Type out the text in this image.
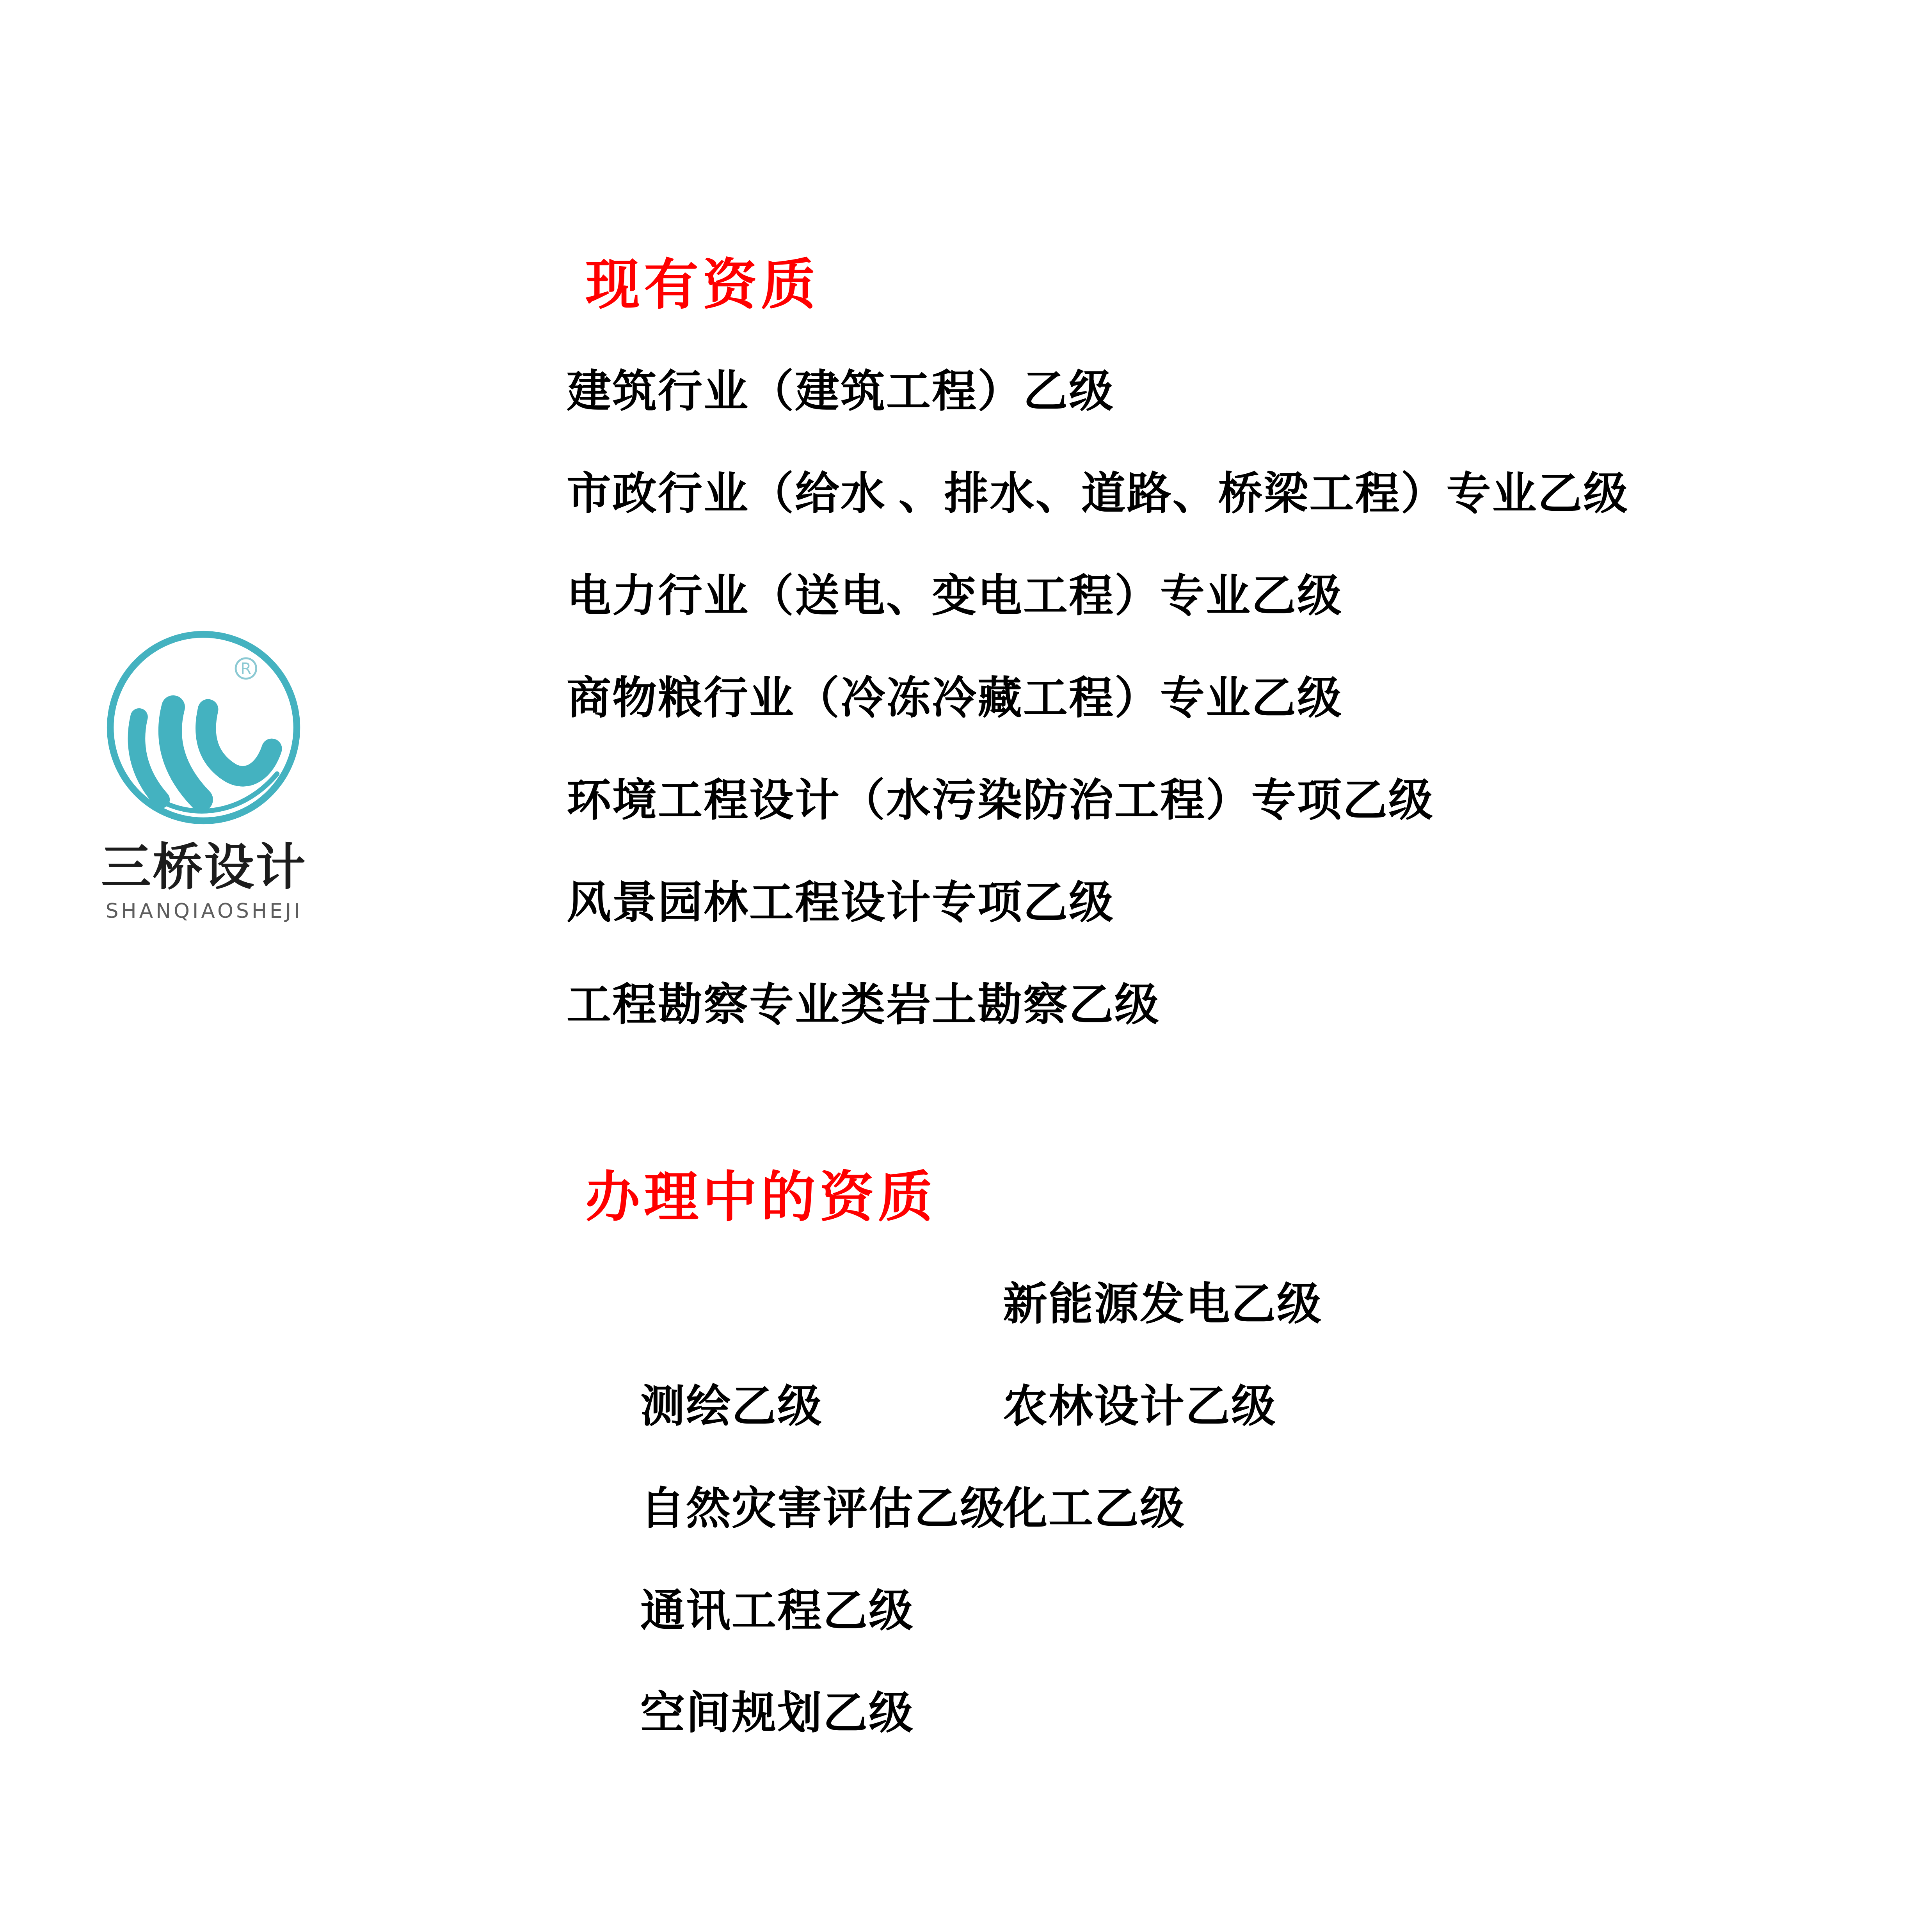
R
三桥设计
SHANQIAOSHEJI
现有资质
建筑行业（建筑工程）乙级
市政行业（给水 、排水、道路、桥梁工程）专业乙级
电力行业（送电、变电工程）专业乙级
商物粮行业（冷冻冷藏工程）专业乙级
环境工程设计（水污染防治工程）专项乙级
风景园林工程设计专项乙级
工程勘察专业类岩土勘察乙级
办理中的资质

测绘乙级

新能源发电乙级

自然灾害评估乙级

农林设计乙级

通讯工程乙级

化工乙级

空间规划乙级
